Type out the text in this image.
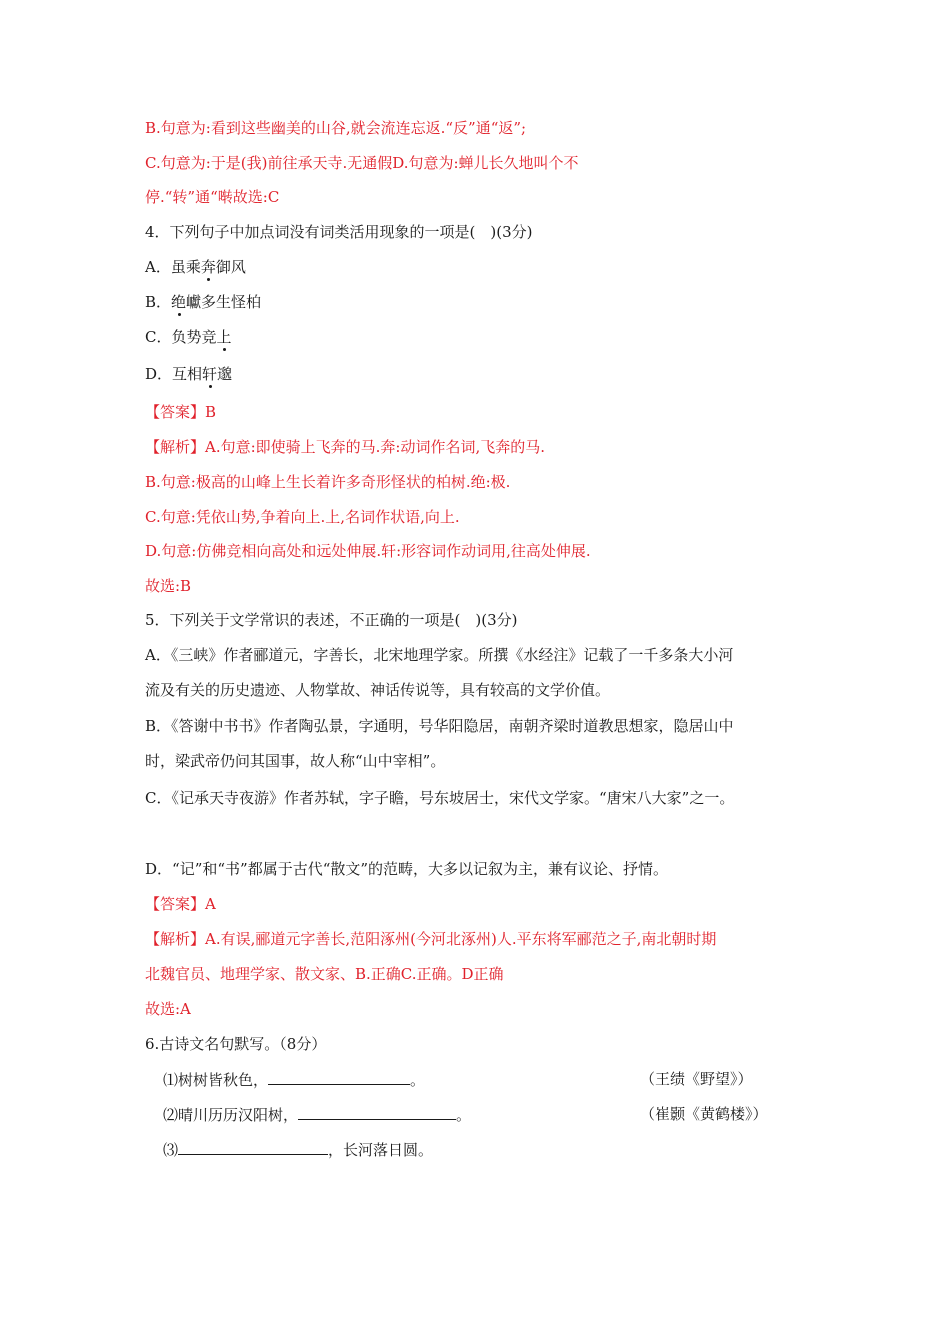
B.句意为:看到这些幽美的山谷,就会流连忘返.“反”通“返”;
C.句意为:于是(我)前往承天寺.无通假D.句意为:蝉儿长久地叫个不
停.“转”通“啭故选:C
4．下列句子中加点词没有词类活用现象的一项是(　)(3分)
A．虽乘奔御风
B．绝巘多生怪柏
C．负势竞上
D．互相轩邈
【答案】B
【解析】A.句意:即使骑上飞奔的马.奔:动词作名词,飞奔的马.
B.句意:极高的山峰上生长着许多奇形怪状的柏树.绝:极.
C.句意:凭依山势,争着向上.上,名词作状语,向上.
D.句意:仿佛竞相向高处和远处伸展.轩:形容词作动词用,往高处伸展.
故选:B
5．下列关于文学常识的表述，不正确的一项是(　)(3分)
A．《三峡》作者郦道元，字善长，北宋地理学家。所撰《水经注》记载了一千多条大小河
流及有关的历史遗迹、人物掌故、神话传说等，具有较高的文学价值。
B．《答谢中书书》作者陶弘景，字通明，号华阳隐居，南朝齐梁时道教思想家，隐居山中
时，梁武帝仍问其国事，故人称“山中宰相”。
C．《记承天寺夜游》作者苏轼，字子瞻，号东坡居士，宋代文学家。“唐宋八大家”之一。
D．“记”和“书”都属于古代“散文”的范畴，大多以记叙为主，兼有议论、抒情。
【答案】A
【解析】A.有误,郦道元字善长,范阳涿州(今河北涿州)人.平东将军郦范之子,南北朝时期
北魏官员、地理学家、散文家、B.正确C.正确。D正确
故选:A
6.古诗文名句默写。（8分）
⑴树树皆秋色，	。	（王绩《野望》）
⑵晴川历历汉阳树，	。	（崔颢《黄鹤楼》）
⑶	，长河落日圆。
